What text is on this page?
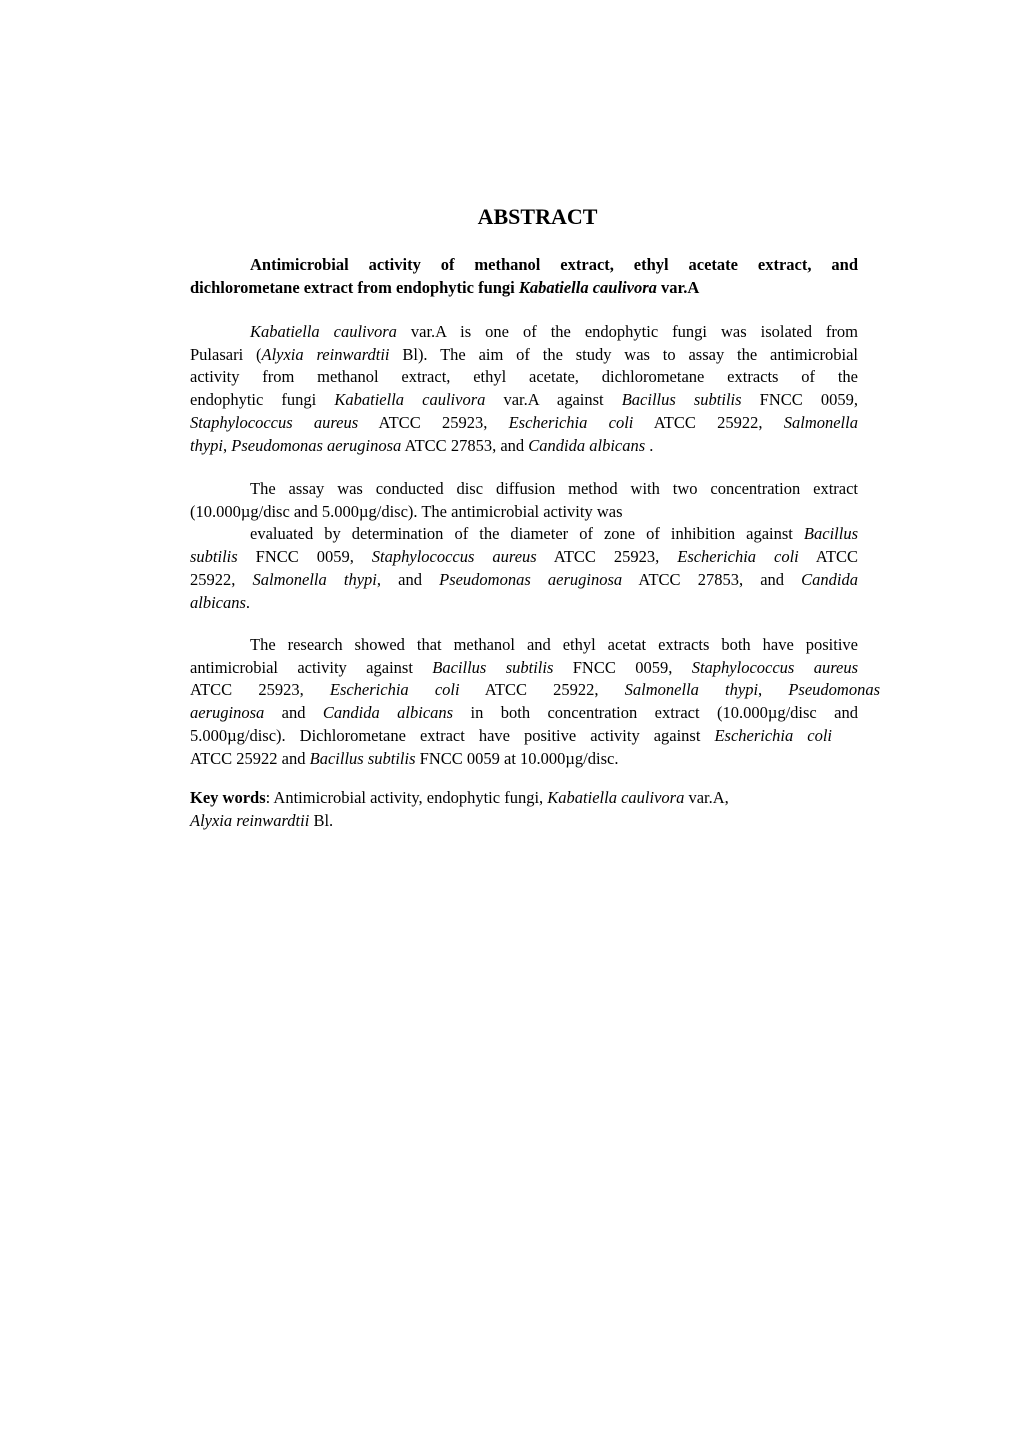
ABSTRACT
Antimicrobial activity of methanol extract, ethyl acetate extract, and
dichlorometane extract from endophytic fungi Kabatiella caulivora var.A
Kabatiella caulivora var.A is one of the endophytic fungi was isolated from
Pulasari (Alyxia reinwardtii Bl). The aim of the study was to assay the antimicrobial
activity from methanol extract, ethyl acetate, dichlorometane extracts of the
endophytic fungi Kabatiella caulivora var.A against Bacillus subtilis FNCC 0059,
Staphylococcus aureus ATCC 25923, Escherichia coli ATCC 25922, Salmonella
thypi, Pseudomonas aeruginosa ATCC 27853, and Candida albicans .
The assay was conducted disc diffusion method with two concentration extract
(10.000µg/disc and 5.000µg/disc). The antimicrobial activity was
evaluated by determination of the diameter of zone of inhibition against Bacillus
subtilis FNCC 0059, Staphylococcus aureus ATCC 25923, Escherichia coli ATCC
25922, Salmonella thypi, and Pseudomonas aeruginosa ATCC 27853, and Candida
albicans.
The research showed that methanol and ethyl acetat extracts both have positive
antimicrobial activity against Bacillus subtilis FNCC 0059, Staphylococcus aureus
ATCC 25923, Escherichia coli ATCC 25922, Salmonella thypi, Pseudomonas
aeruginosa and Candida albicans in both concentration extract (10.000µg/disc and
5.000µg/disc). Dichlorometane extract have positive activity against Escherichia coli
ATCC 25922 and Bacillus subtilis FNCC 0059 at 10.000µg/disc.
Key words: Antimicrobial activity, endophytic fungi, Kabatiella caulivora var.A,
Alyxia reinwardtii Bl.
